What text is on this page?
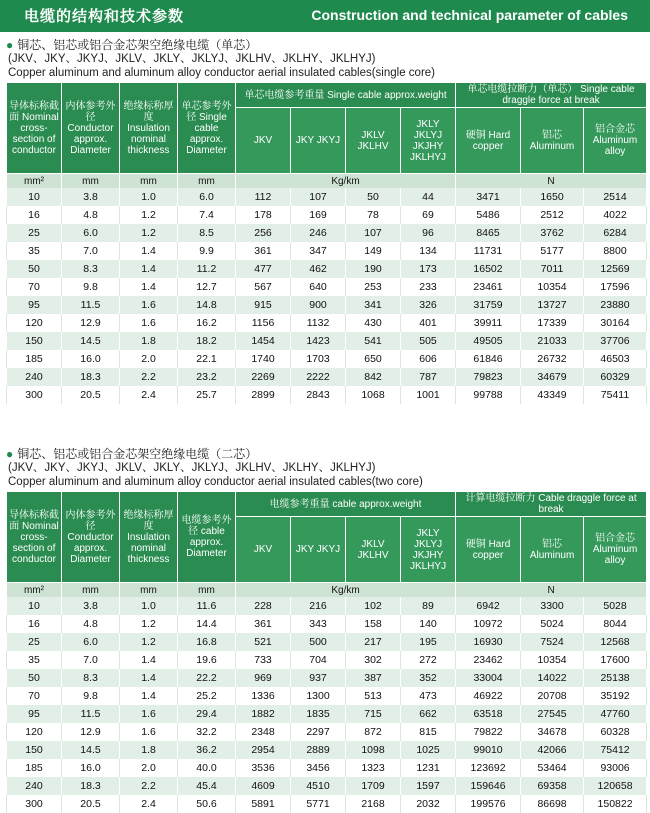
电缆的结构和技术参数	Construction and technical parameter of cables
● 铜芯、铝芯或铝合金芯架空绝缘电缆（单芯）
(JKV、JKY、JKYJ、JKLV、JKLY、JKLYJ、JKLHV、JKLHY、JKLHYJ)
Copper aluminum and aluminum alloy conductor aerial insulated cables(single core)
导体标称截面 Nominal cross-section of conductor	内体参考外径 Conductor approx. Diameter	绝缘标称厚度 Insulation nominal thickness	单芯参考外径 Single cable approx. Diameter	单芯电缆参考重量 Single cable approx.weight				单芯电缆拉断力（单芯） Single cable draggle force at break		
				JKV	JKY JKYJ	JKLV JKLHV	JKLY JKLYJ JKJHY JKLHYJ	硬铜 Hard copper	铝芯 Aluminum	铝合金芯 Aluminum alloy
mm²	mm	mm	mm	Kg/km				N		
10	3.8	1.0	6.0	112	107	50	44	3471	1650	2514
16	4.8	1.2	7.4	178	169	78	69	5486	2512	4022
25	6.0	1.2	8.5	256	246	107	96	8465	3762	6284
35	7.0	1.4	9.9	361	347	149	134	11731	5177	8800
50	8.3	1.4	11.2	477	462	190	173	16502	7011	12569
70	9.8	1.4	12.7	567	640	253	233	23461	10354	17596
95	11.5	1.6	14.8	915	900	341	326	31759	13727	23880
120	12.9	1.6	16.2	1156	1132	430	401	39911	17339	30164
150	14.5	1.8	18.2	1454	1423	541	505	49505	21033	37706
185	16.0	2.0	22.1	1740	1703	650	606	61846	26732	46503
240	18.3	2.2	23.2	2269	2222	842	787	79823	34679	60329
300	20.5	2.4	25.7	2899	2843	1068	1001	99788	43349	75411
● 铜芯、铝芯或铝合金芯架空绝缘电缆（二芯）
(JKV、JKY、JKYJ、JKLV、JKLY、JKLYJ、JKLHV、JKLHY、JKLHYJ)
Copper aluminum and aluminum alloy conductor aerial insulated cables(two core)
导体标称截面 Nominal cross-section of conductor	内体参考外径 Conductor approx. Diameter	绝缘标称厚度 Insulation nominal thickness	电缆参考外径 cable approx. Diameter	电缆参考重量 cable approx.weight				计算电缆拉断力 Cable draggle force at break		
				JKV	JKY JKYJ	JKLV JKLHV	JKLY JKLYJ JKJHY JKLHYJ	硬铜 Hard copper	铝芯 Aluminum	铝合金芯 Aluminum alloy
mm²	mm	mm	mm	Kg/km				N		
10	3.8	1.0	11.6	228	216	102	89	6942	3300	5028
16	4.8	1.2	14.4	361	343	158	140	10972	5024	8044
25	6.0	1.2	16.8	521	500	217	195	16930	7524	12568
35	7.0	1.4	19.6	733	704	302	272	23462	10354	17600
50	8.3	1.4	22.2	969	937	387	352	33004	14022	25138
70	9.8	1.4	25.2	1336	1300	513	473	46922	20708	35192
95	11.5	1.6	29.4	1882	1835	715	662	63518	27545	47760
120	12.9	1.6	32.2	2348	2297	872	815	79822	34678	60328
150	14.5	1.8	36.2	2954	2889	1098	1025	99010	42066	75412
185	16.0	2.0	40.0	3536	3456	1323	1231	123692	53464	93006
240	18.3	2.2	45.4	4609	4510	1709	1597	159646	69358	120658
300	20.5	2.4	50.6	5891	5771	2168	2032	199576	86698	150822
